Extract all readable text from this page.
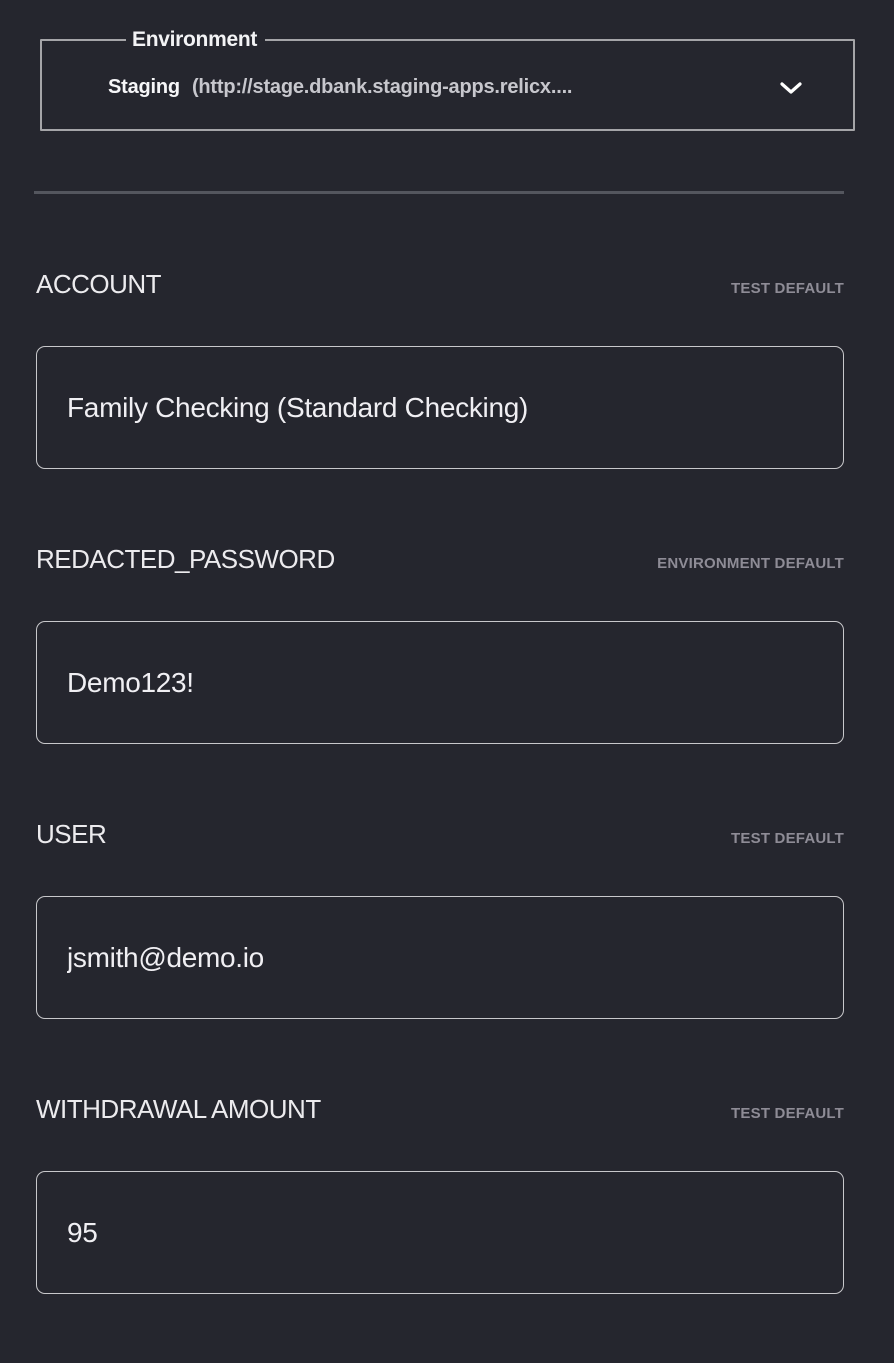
Environment
Staging (http://stage.dbank.staging-apps.relicx....
ACCOUNT	TEST DEFAULT
Family Checking (Standard Checking)
REDACTED_PASSWORD	ENVIRONMENT DEFAULT
Demo123!
USER	TEST DEFAULT
jsmith@demo.io
WITHDRAWAL AMOUNT	TEST DEFAULT
95
